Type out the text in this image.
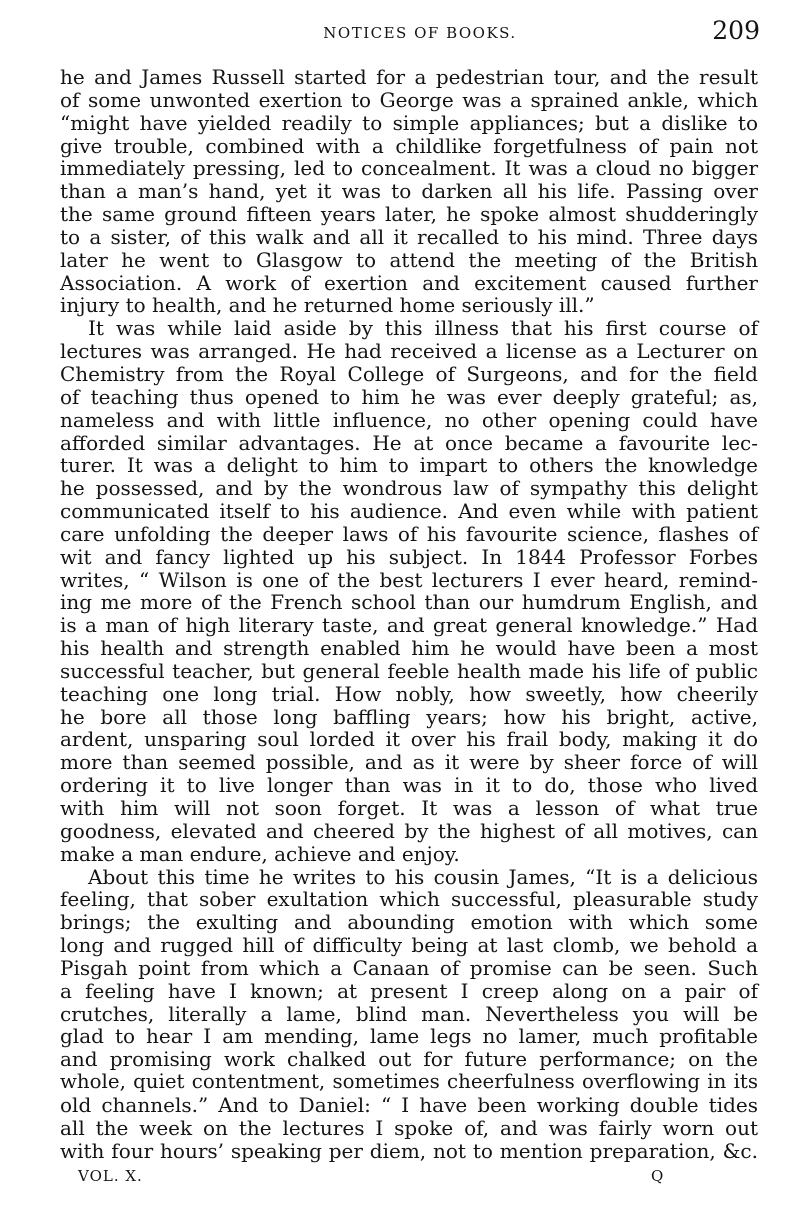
NOTICES OF BOOKS.	209
he and James Russell started for a pedestrian tour, and the result
of some unwonted exertion to George was a sprained ankle, which
“might have yielded readily to simple appliances; but a dislike to
give trouble, combined with a childlike forgetfulness of pain not
immediately pressing, led to concealment. It was a cloud no bigger
than a man’s hand, yet it was to darken all his life. Passing over
the same ground fifteen years later, he spoke almost shudderingly
to a sister, of this walk and all it recalled to his mind. Three days
later he went to Glasgow to attend the meeting of the British
Association. A work of exertion and excitement caused further
injury to health, and he returned home seriously ill.”
It was while laid aside by this illness that his first course of
lectures was arranged. He had received a license as a Lecturer on
Chemistry from the Royal College of Surgeons, and for the field
of teaching thus opened to him he was ever deeply grateful; as,
nameless and with little influence, no other opening could have
afforded similar advantages. He at once became a favourite lec-
turer. It was a delight to him to impart to others the knowledge
he possessed, and by the wondrous law of sympathy this delight
communicated itself to his audience. And even while with patient
care unfolding the deeper laws of his favourite science, flashes of
wit and fancy lighted up his subject. In 1844 Professor Forbes
writes, “ Wilson is one of the best lecturers I ever heard, remind-
ing me more of the French school than our humdrum English, and
is a man of high literary taste, and great general knowledge.” Had
his health and strength enabled him he would have been a most
successful teacher, but general feeble health made his life of public
teaching one long trial. How nobly, how sweetly, how cheerily
he bore all those long baffling years; how his bright, active,
ardent, unsparing soul lorded it over his frail body, making it do
more than seemed possible, and as it were by sheer force of will
ordering it to live longer than was in it to do, those who lived
with him will not soon forget. It was a lesson of what true
goodness, elevated and cheered by the highest of all motives, can
make a man endure, achieve and enjoy.
About this time he writes to his cousin James, “It is a delicious
feeling, that sober exultation which successful, pleasurable study
brings; the exulting and abounding emotion with which some
long and rugged hill of difficulty being at last clomb, we behold a
Pisgah point from which a Canaan of promise can be seen. Such
a feeling have I known; at present I creep along on a pair of
crutches, literally a lame, blind man. Nevertheless you will be
glad to hear I am mending, lame legs no lamer, much profitable
and promising work chalked out for future performance; on the
whole, quiet contentment, sometimes cheerfulness overflowing in its
old channels.” And to Daniel: “ I have been working double tides
all the week on the lectures I spoke of, and was fairly worn out
with four hours’ speaking per diem, not to mention preparation, &c.
VOL. X.	Q
